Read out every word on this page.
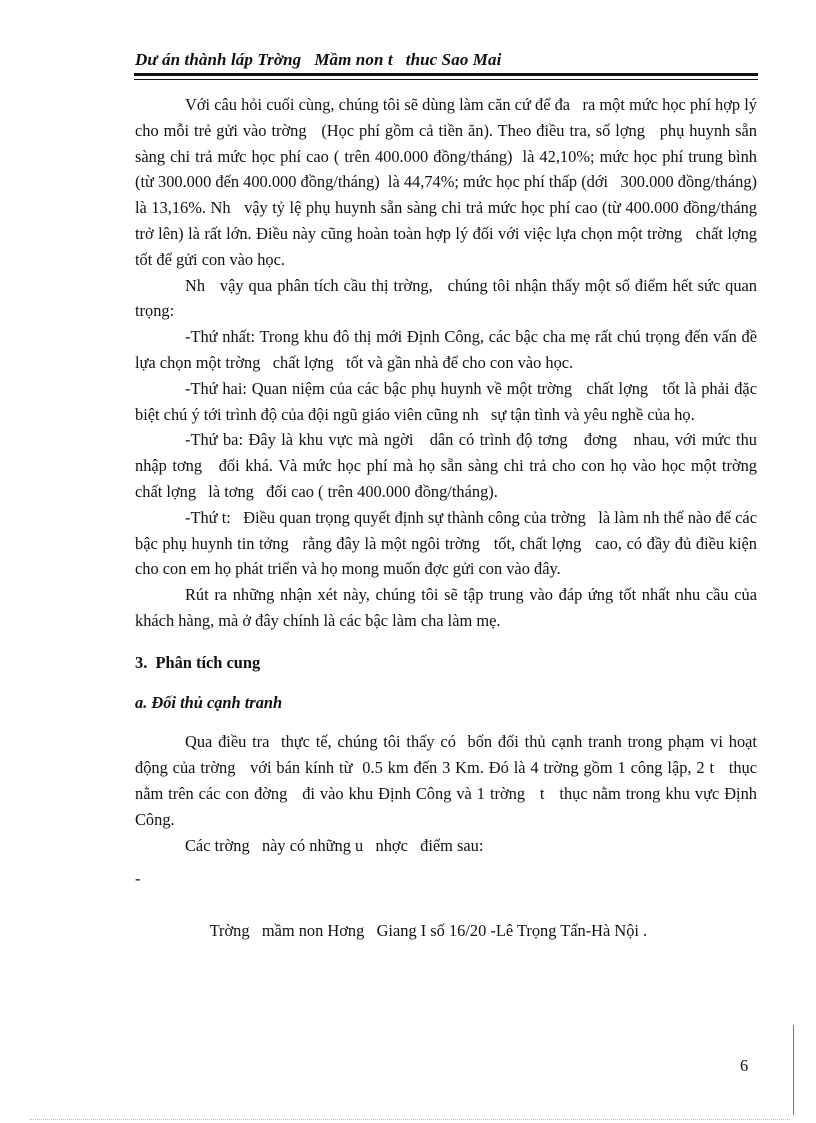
Dư án thành láp Trờng   Mầm non t   thuc Sao Mai

Với câu hỏi cuối cùng, chúng tôi sẽ dùng làm căn cứ để đa   ra một mức học phí hợp lý cho mỗi trẻ gửi vào trờng   (Học phí gồm cả tiền ăn). Theo điều tra, số lợng   phụ huynh sẵn sàng chi trả mức học phí cao ( trên 400.000 đồng/tháng)  là 42,10%; mức học phí trung bình (từ 300.000 đến 400.000 đồng/tháng)  là 44,74%; mức học phí thấp (dới   300.000 đồng/tháng)  là 13,16%. Nh   vậy tỷ lệ phụ huynh sẵn sàng chi trả mức học phí cao (từ 400.000 đồng/tháng trở lên) là rất lớn. Điều này cũng hoàn toàn hợp lý đối với việc lựa chọn một trờng   chất lợng   tốt để gửi con vào học.

Nh   vậy qua phân tích cầu thị trờng,   chúng tôi nhận thấy một số điểm hết sức quan trọng:

-Thứ nhất: Trong khu đô thị mới Định Công, các bậc cha mẹ rất chú trọng đến vấn đề lựa chọn một trờng   chất lợng   tốt và gần nhà để cho con vào học.

-Thứ hai: Quan niệm của các bậc phụ huynh về một trờng   chất lợng   tốt là phải đặc biệt chú ý tới trình độ của đội ngũ giáo viên cũng nh   sự tận tình và yêu nghề của họ.

-Thứ ba: Đây là khu vực mà ngời   dân có trình độ tơng   đơng   nhau, với mức thu nhập tơng   đối khá. Và mức học phí mà họ sẵn sàng chi trả cho con họ vào học một trờng   chất lợng   là tơng   đối cao ( trên 400.000 đồng/tháng).

-Thứ t:   Điều quan trọng quyết định sự thành công của trờng   là làm nh thế nào để các bậc phụ huynh tin tởng   rằng đây là một ngôi trờng   tốt, chất lợng   cao, có đầy đủ điều kiện cho con em họ phát triển và họ mong muốn đợc gửi con vào đây.

Rút ra những nhận xét này, chúng tôi sẽ tập trung vào đáp ứng tốt nhất nhu cầu của khách hàng, mà ở đây chính là các bậc làm cha làm mẹ.

3.  Phân tích cung

a. Đối thủ cạnh tranh

Qua điều tra  thực tế, chúng tôi thấy có  bốn đối thủ cạnh tranh trong phạm vi hoạt động của trờng   với bán kính từ  0.5 km đến 3 Km. Đó là 4 trờng gồm 1 công lập, 2 t   thục  nằm trên các con đờng   đi vào khu Định Công và 1 trờng   t   thục nằm trong khu vực Định Công.

Các trờng   này có những u   nhợc   điểm sau:

-

Trờng   mầm non Hơng   Giang I số 16/20 -Lê Trọng Tấn-Hà Nội .

6
